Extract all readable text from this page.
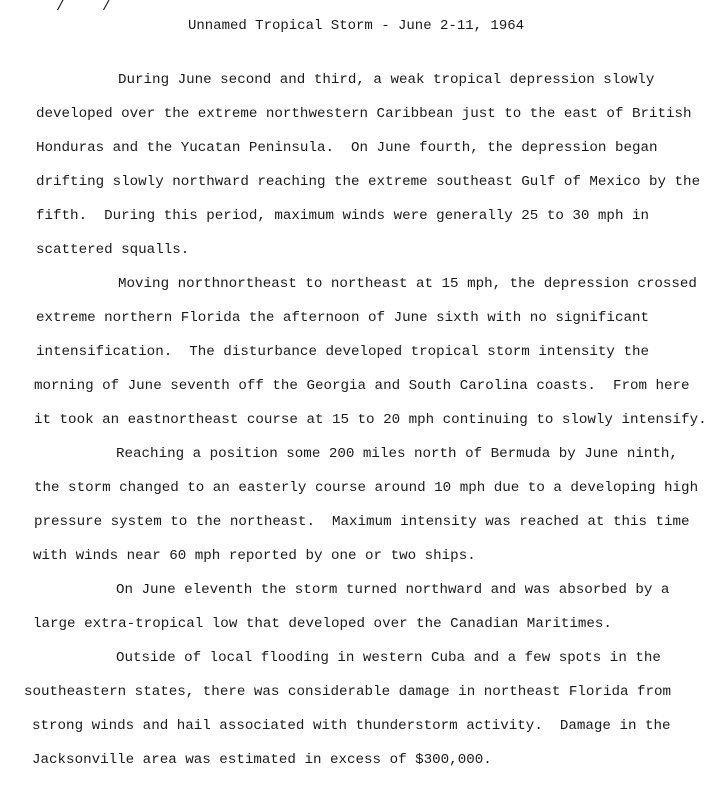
/ /
Unnamed Tropical Storm - June 2-11, 1964
During June second and third, a weak tropical depression slowly
developed over the extreme northwestern Caribbean just to the east of British
Honduras and the Yucatan Peninsula.  On June fourth, the depression began
drifting slowly northward reaching the extreme southeast Gulf of Mexico by the
fifth.  During this period, maximum winds were generally 25 to 30 mph in
scattered squalls.
Moving northnortheast to northeast at 15 mph, the depression crossed
extreme northern Florida the afternoon of June sixth with no significant
intensification.  The disturbance developed tropical storm intensity the
morning of June seventh off the Georgia and South Carolina coasts.  From here
it took an eastnortheast course at 15 to 20 mph continuing to slowly intensify.
Reaching a position some 200 miles north of Bermuda by June ninth,
the storm changed to an easterly course around 10 mph due to a developing high
pressure system to the northeast.  Maximum intensity was reached at this time
with winds near 60 mph reported by one or two ships.
On June eleventh the storm turned northward and was absorbed by a
large extra-tropical low that developed over the Canadian Maritimes.
Outside of local flooding in western Cuba and a few spots in the
southeastern states, there was considerable damage in northeast Florida from
strong winds and hail associated with thunderstorm activity.  Damage in the
Jacksonville area was estimated in excess of $300,000.
